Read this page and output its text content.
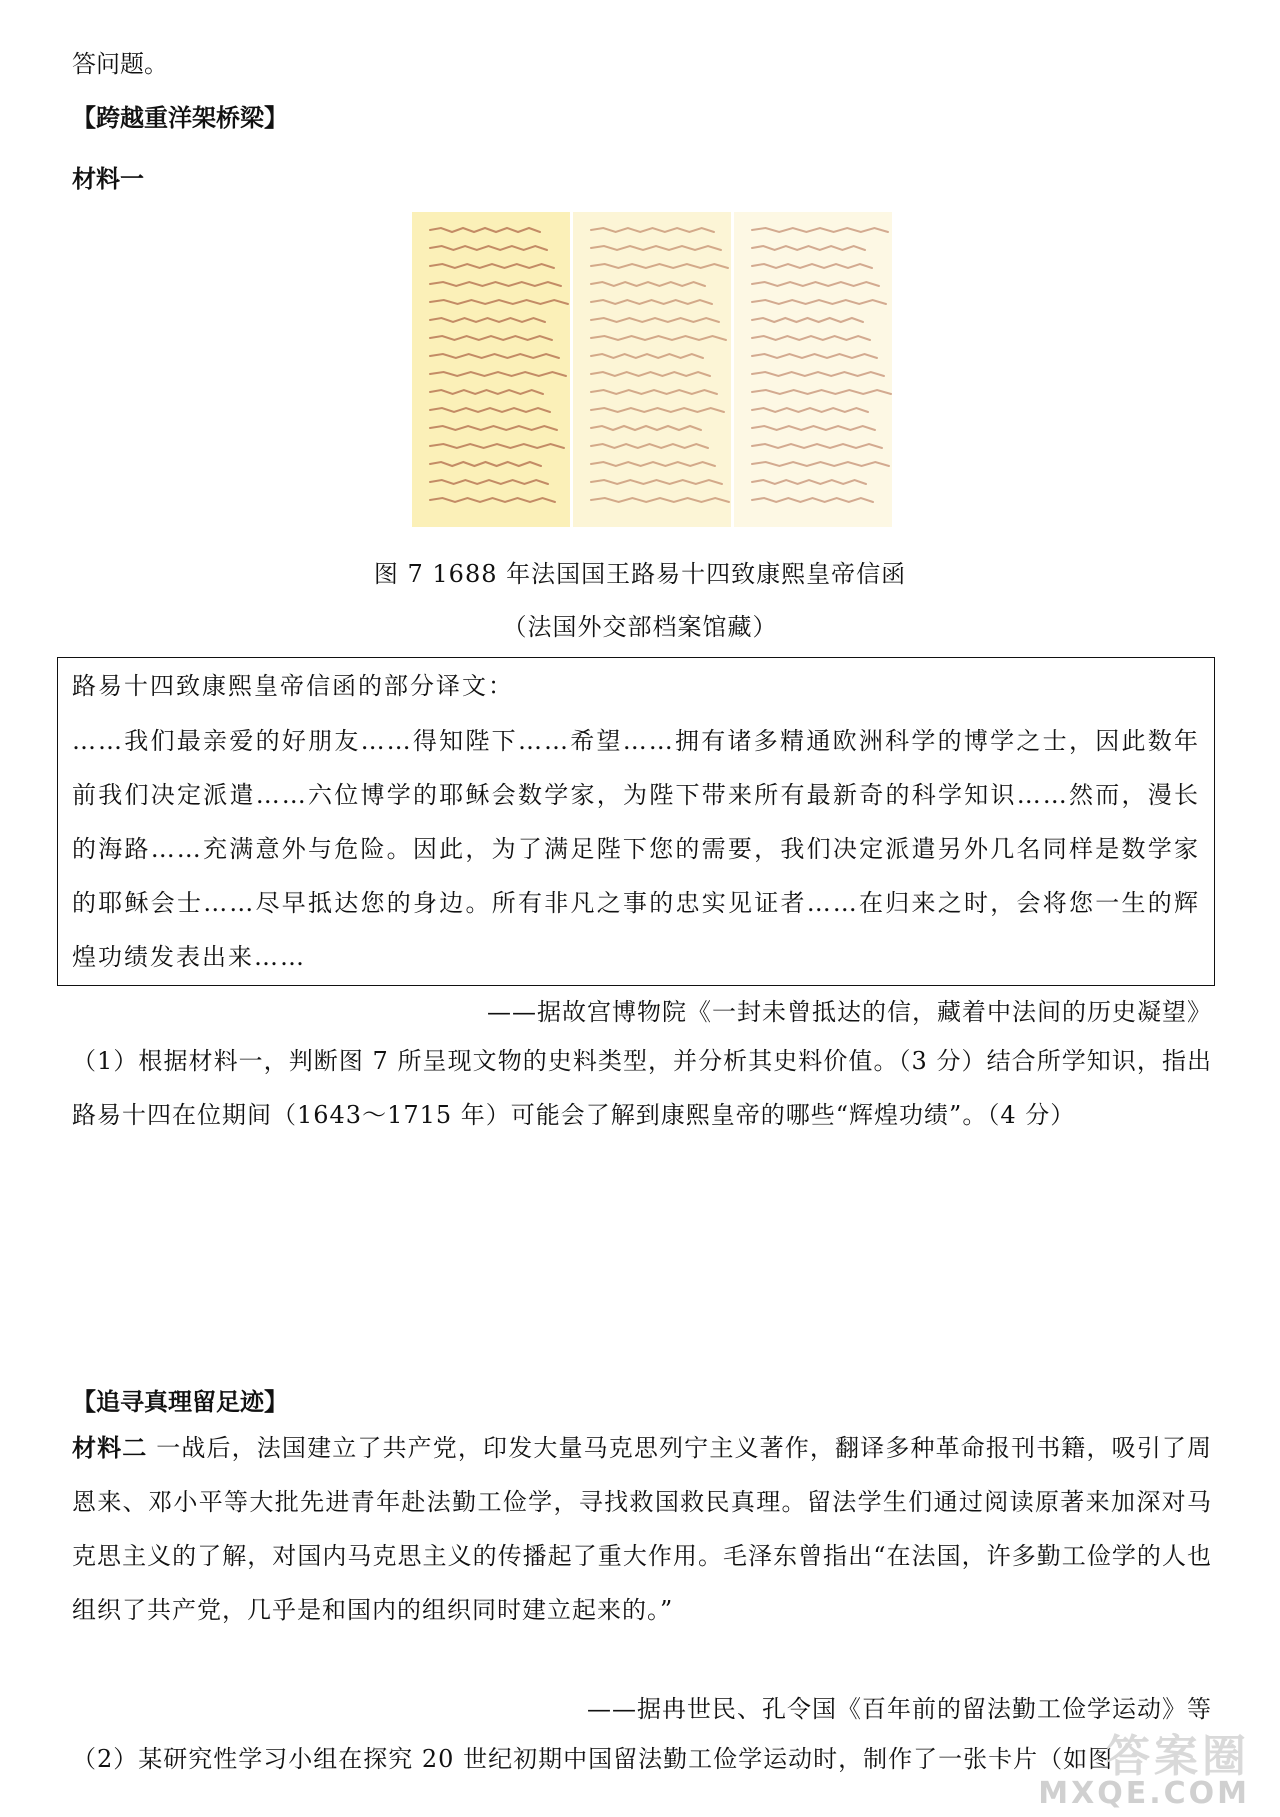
答问题。
【跨越重洋架桥梁】
材料一
图 7 1688 年法国国王路易十四致康熙皇帝信函
（法国外交部档案馆藏）
路易十四致康熙皇帝信函的部分译文：
……我们最亲爱的好朋友……得知陛下……希望……拥有诸多精通欧洲科学的博学之士，因此数年前我们决定派遣……六位博学的耶稣会数学家，为陛下带来所有最新奇的科学知识……然而，漫长的海路……充满意外与危险。因此，为了满足陛下您的需要，我们决定派遣另外几名同样是数学家的耶稣会士……尽早抵达您的身边。所有非凡之事的忠实见证者……在归来之时，会将您一生的辉煌功绩发表出来……
——据故宫博物院《一封未曾抵达的信，藏着中法间的历史凝望》
（1）根据材料一，判断图 7 所呈现文物的史料类型，并分析其史料价值。（3 分）结合所学知识，指出路易十四在位期间（1643～1715 年）可能会了解到康熙皇帝的哪些“辉煌功绩”。（4 分）
【追寻真理留足迹】
材料二 一战后，法国建立了共产党，印发大量马克思列宁主义著作，翻译多种革命报刊书籍，吸引了周恩来、邓小平等大批先进青年赴法勤工俭学，寻找救国救民真理。留法学生们通过阅读原著来加深对马克思主义的了解，对国内马克思主义的传播起了重大作用。毛泽东曾指出“在法国，许多勤工俭学的人也组织了共产党，几乎是和国内的组织同时建立起来的。”
——据冉世民、孔令国《百年前的留法勤工俭学运动》等
（2）某研究性学习小组在探究 20 世纪初期中国留法勤工俭学运动时，制作了一张卡片（如图
答案圈
MXQE.COM
